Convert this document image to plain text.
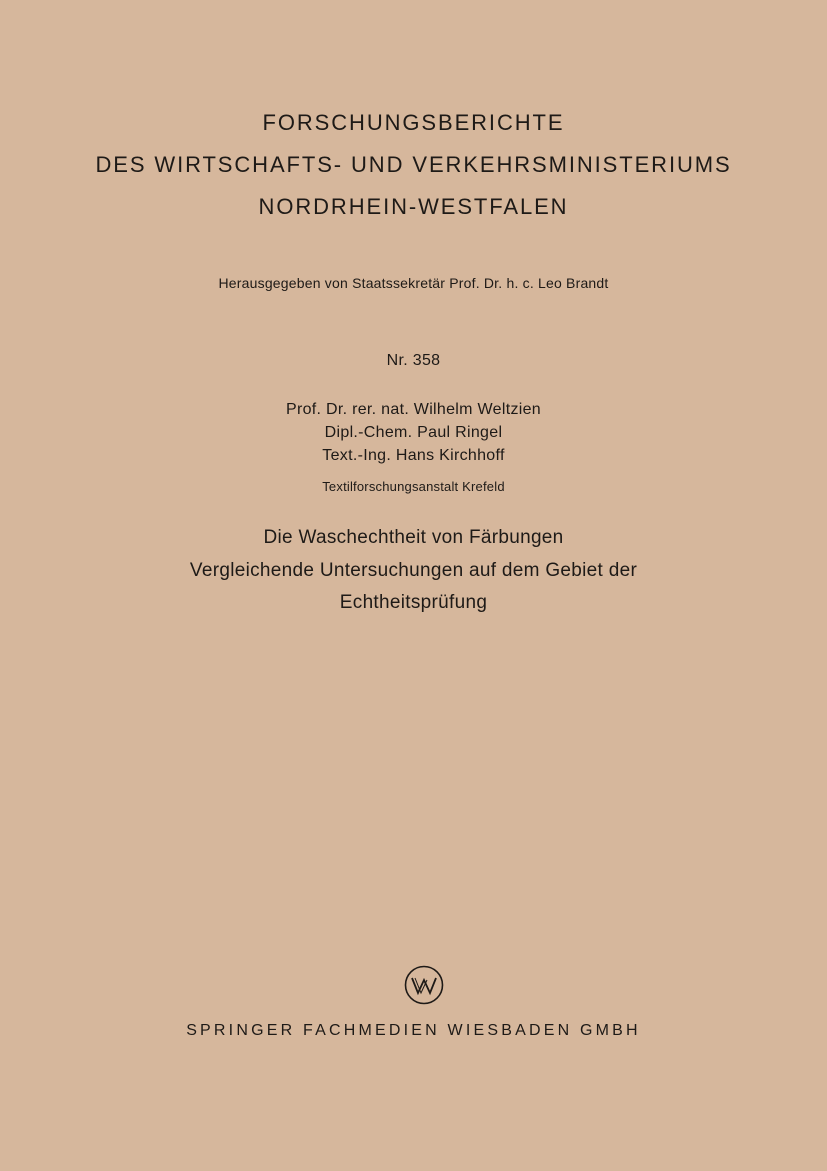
FORSCHUNGSBERICHTE
DES WIRTSCHAFTS- UND VERKEHRSMINISTERIUMS
NORDRHEIN-WESTFALEN
Herausgegeben von Staatssekretär Prof. Dr. h. c. Leo Brandt
Nr. 358
Prof. Dr. rer. nat. Wilhelm Weltzien
Dipl.-Chem. Paul Ringel
Text.-Ing. Hans Kirchhoff
Textilforschungsanstalt Krefeld
Die Waschechtheit von Färbungen
Vergleichende Untersuchungen auf dem Gebiet der
Echtheitsprüfung
SPRINGER FACHMEDIEN WIESBADEN GMBH
